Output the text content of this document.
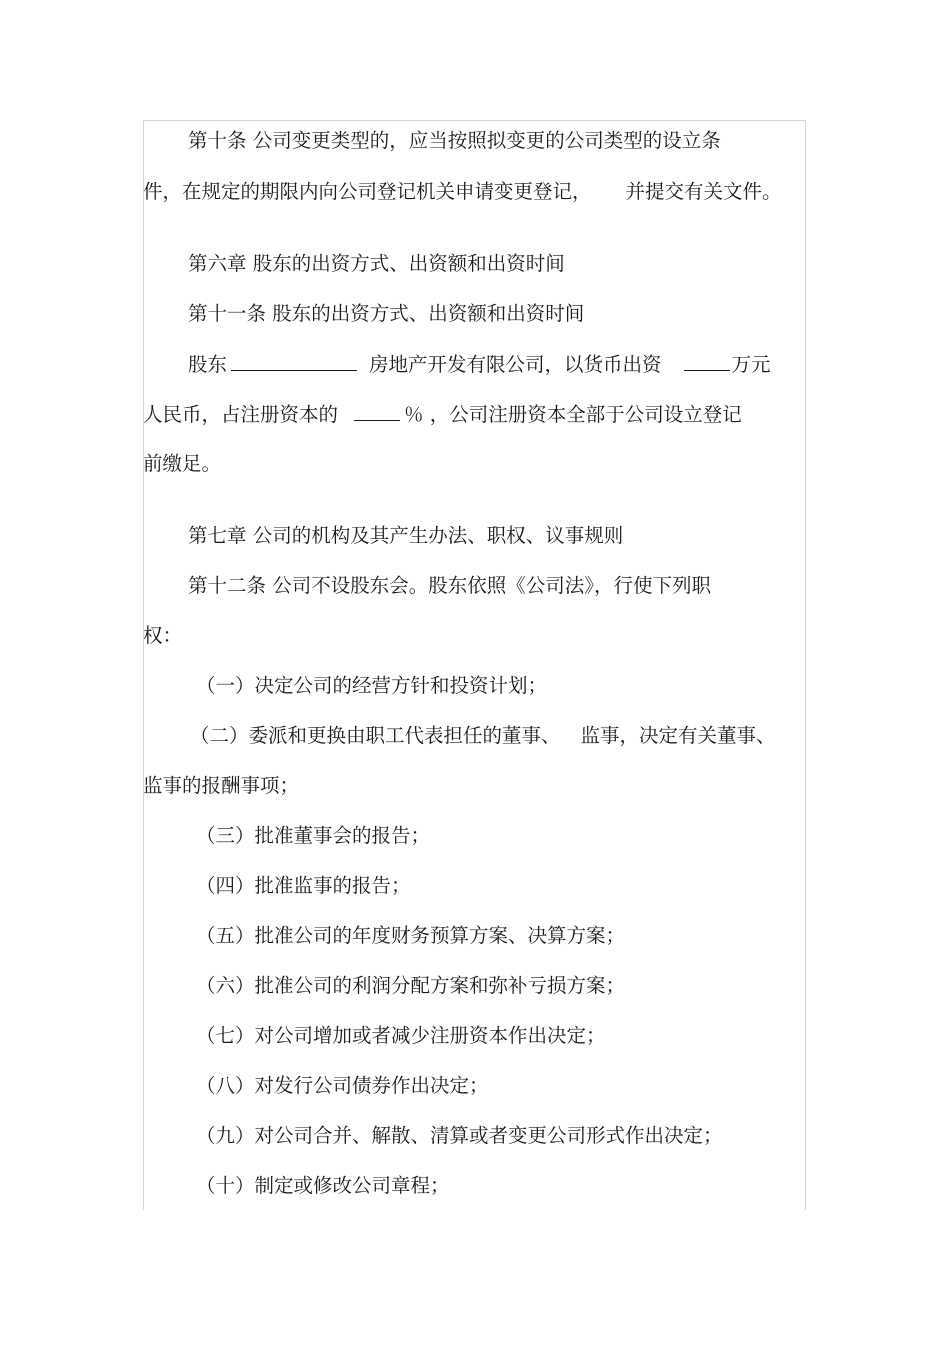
第十条 公司变更类型的，应当按照拟变更的公司类型的设立条
件，在规定的期限内向公司登记机关申请变更登记， 并提交有关文件。
第六章 股东的出资方式、出资额和出资时间
第十一条 股东的出资方式、出资额和出资时间
股东	房地产开发有限公司，以货币出资	万元
人民币，占注册资本的	％ ，公司注册资本全部于公司设立登记
前缴足。
第七章 公司的机构及其产生办法、职权、议事规则
第十二条 公司不设股东会。股东依照《公司法》，行使下列职
权：
（一）决定公司的经营方针和投资计划；
（二）委派和更换由职工代表担任的董事、 监事，决定有关董事、
监事的报酬事项；
（三）批准董事会的报告；
（四）批准监事的报告；
（五）批准公司的年度财务预算方案、决算方案；
（六）批准公司的利润分配方案和弥补亏损方案；
（七）对公司增加或者减少注册资本作出决定；
（八）对发行公司债券作出决定；
（九）对公司合并、解散、清算或者变更公司形式作出决定；
（十）制定或修改公司章程；
